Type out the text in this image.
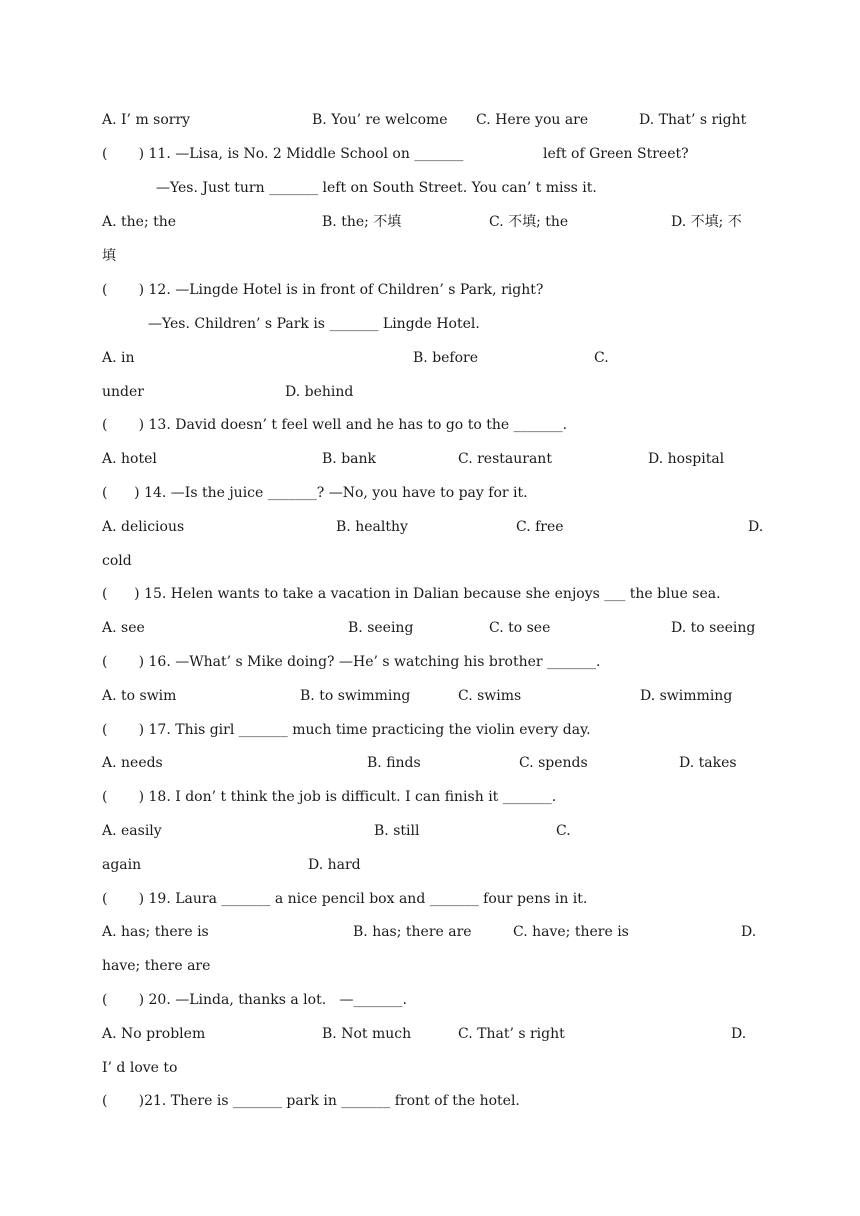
A. I’ m sorry	B. You’ re welcome C. Here you are	D. That’ s right
(       ) 11. —Lisa, is No. 2 Middle School on _______	left of Green Street?
—Yes. Just turn _______ left on South Street. You can’ t miss it.
A. the; the	B. the; 不填	C. 不填; the	D. 不填; 不
填
(       ) 12. —Lingde Hotel is in front of Children’ s Park, right?
—Yes. Children’ s Park is _______ Lingde Hotel.
A. in	B. before	C.
under	D. behind
(       ) 13. David doesn’ t feel well and he has to go to the _______.
A. hotel	B. bank	C. restaurant	D. hospital
(      ) 14. —Is the juice _______? —No, you have to pay for it.
A. delicious	B. healthy	C. free	D.
cold
(      ) 15. Helen wants to take a vacation in Dalian because she enjoys ___ the blue sea.
A. see	B. seeing	C. to see	D. to seeing
(       ) 16. —What’ s Mike doing? —He’ s watching his brother _______.
A. to swim	B. to swimming	C. swims	D. swimming
(       ) 17. This girl _______ much time practicing the violin every day.
A. needs	B. finds	C. spends	D. takes
(       ) 18. I don’ t think the job is difficult. I can finish it _______.
A. easily	B. still	C.
again	D. hard
(       ) 19. Laura _______ a nice pencil box and _______ four pens in it.
A. has; there is	B. has; there are	C. have; there is	D.
have; there are
(       ) 20. —Linda, thanks a lot.   —_______.
A. No problem	B. Not much	C. That’ s right	D.
I’ d love to
(       )21. There is _______ park in _______ front of the hotel.
